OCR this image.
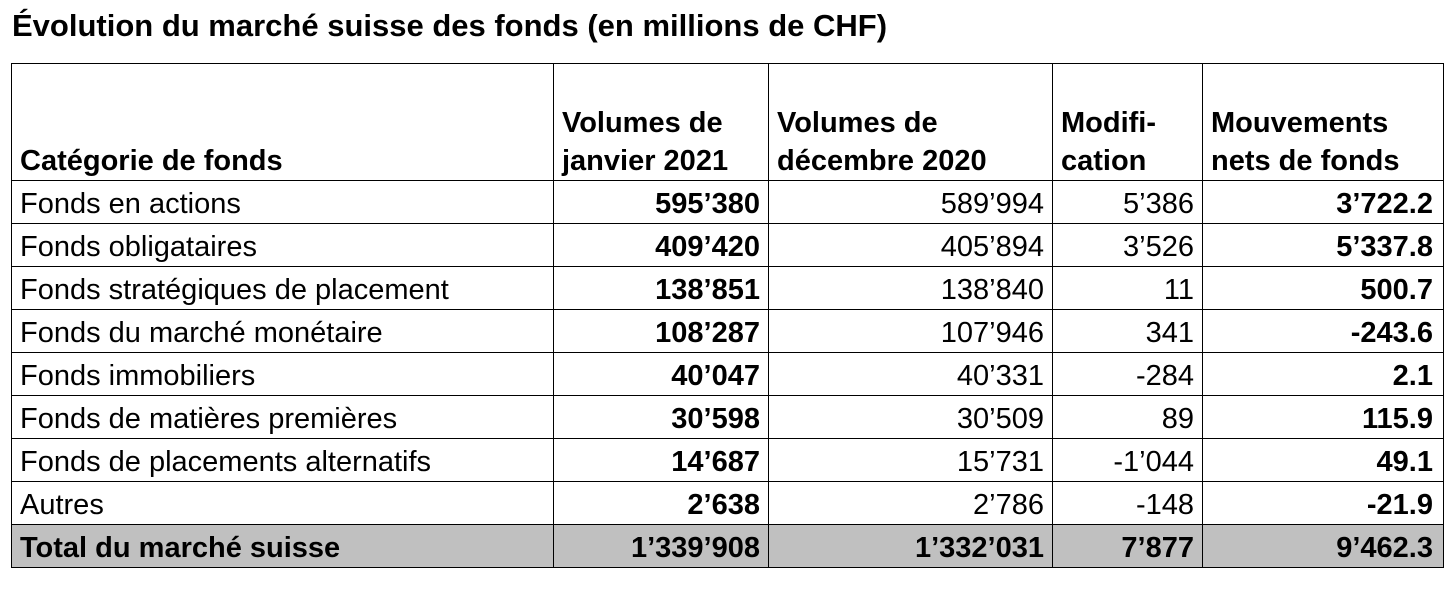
Évolution du marché suisse des fonds (en millions de CHF)
Catégorie de fonds	Volumes de janvier 2021	Volumes de décembre 2020	Modifi-cation	Mouvements nets de fonds
Fonds en actions	595’380	589’994	5’386	3’722.2
Fonds obligataires	409’420	405’894	3’526	5’337.8
Fonds stratégiques de placement	138’851	138’840	11	500.7
Fonds du marché monétaire	108’287	107’946	341	-243.6
Fonds immobiliers	40’047	40’331	-284	2.1
Fonds de matières premières	30’598	30’509	89	115.9
Fonds de placements alternatifs	14’687	15’731	-1’044	49.1
Autres	2’638	2’786	-148	-21.9
Total du marché suisse	1’339’908	1’332’031	7’877	9’462.3
